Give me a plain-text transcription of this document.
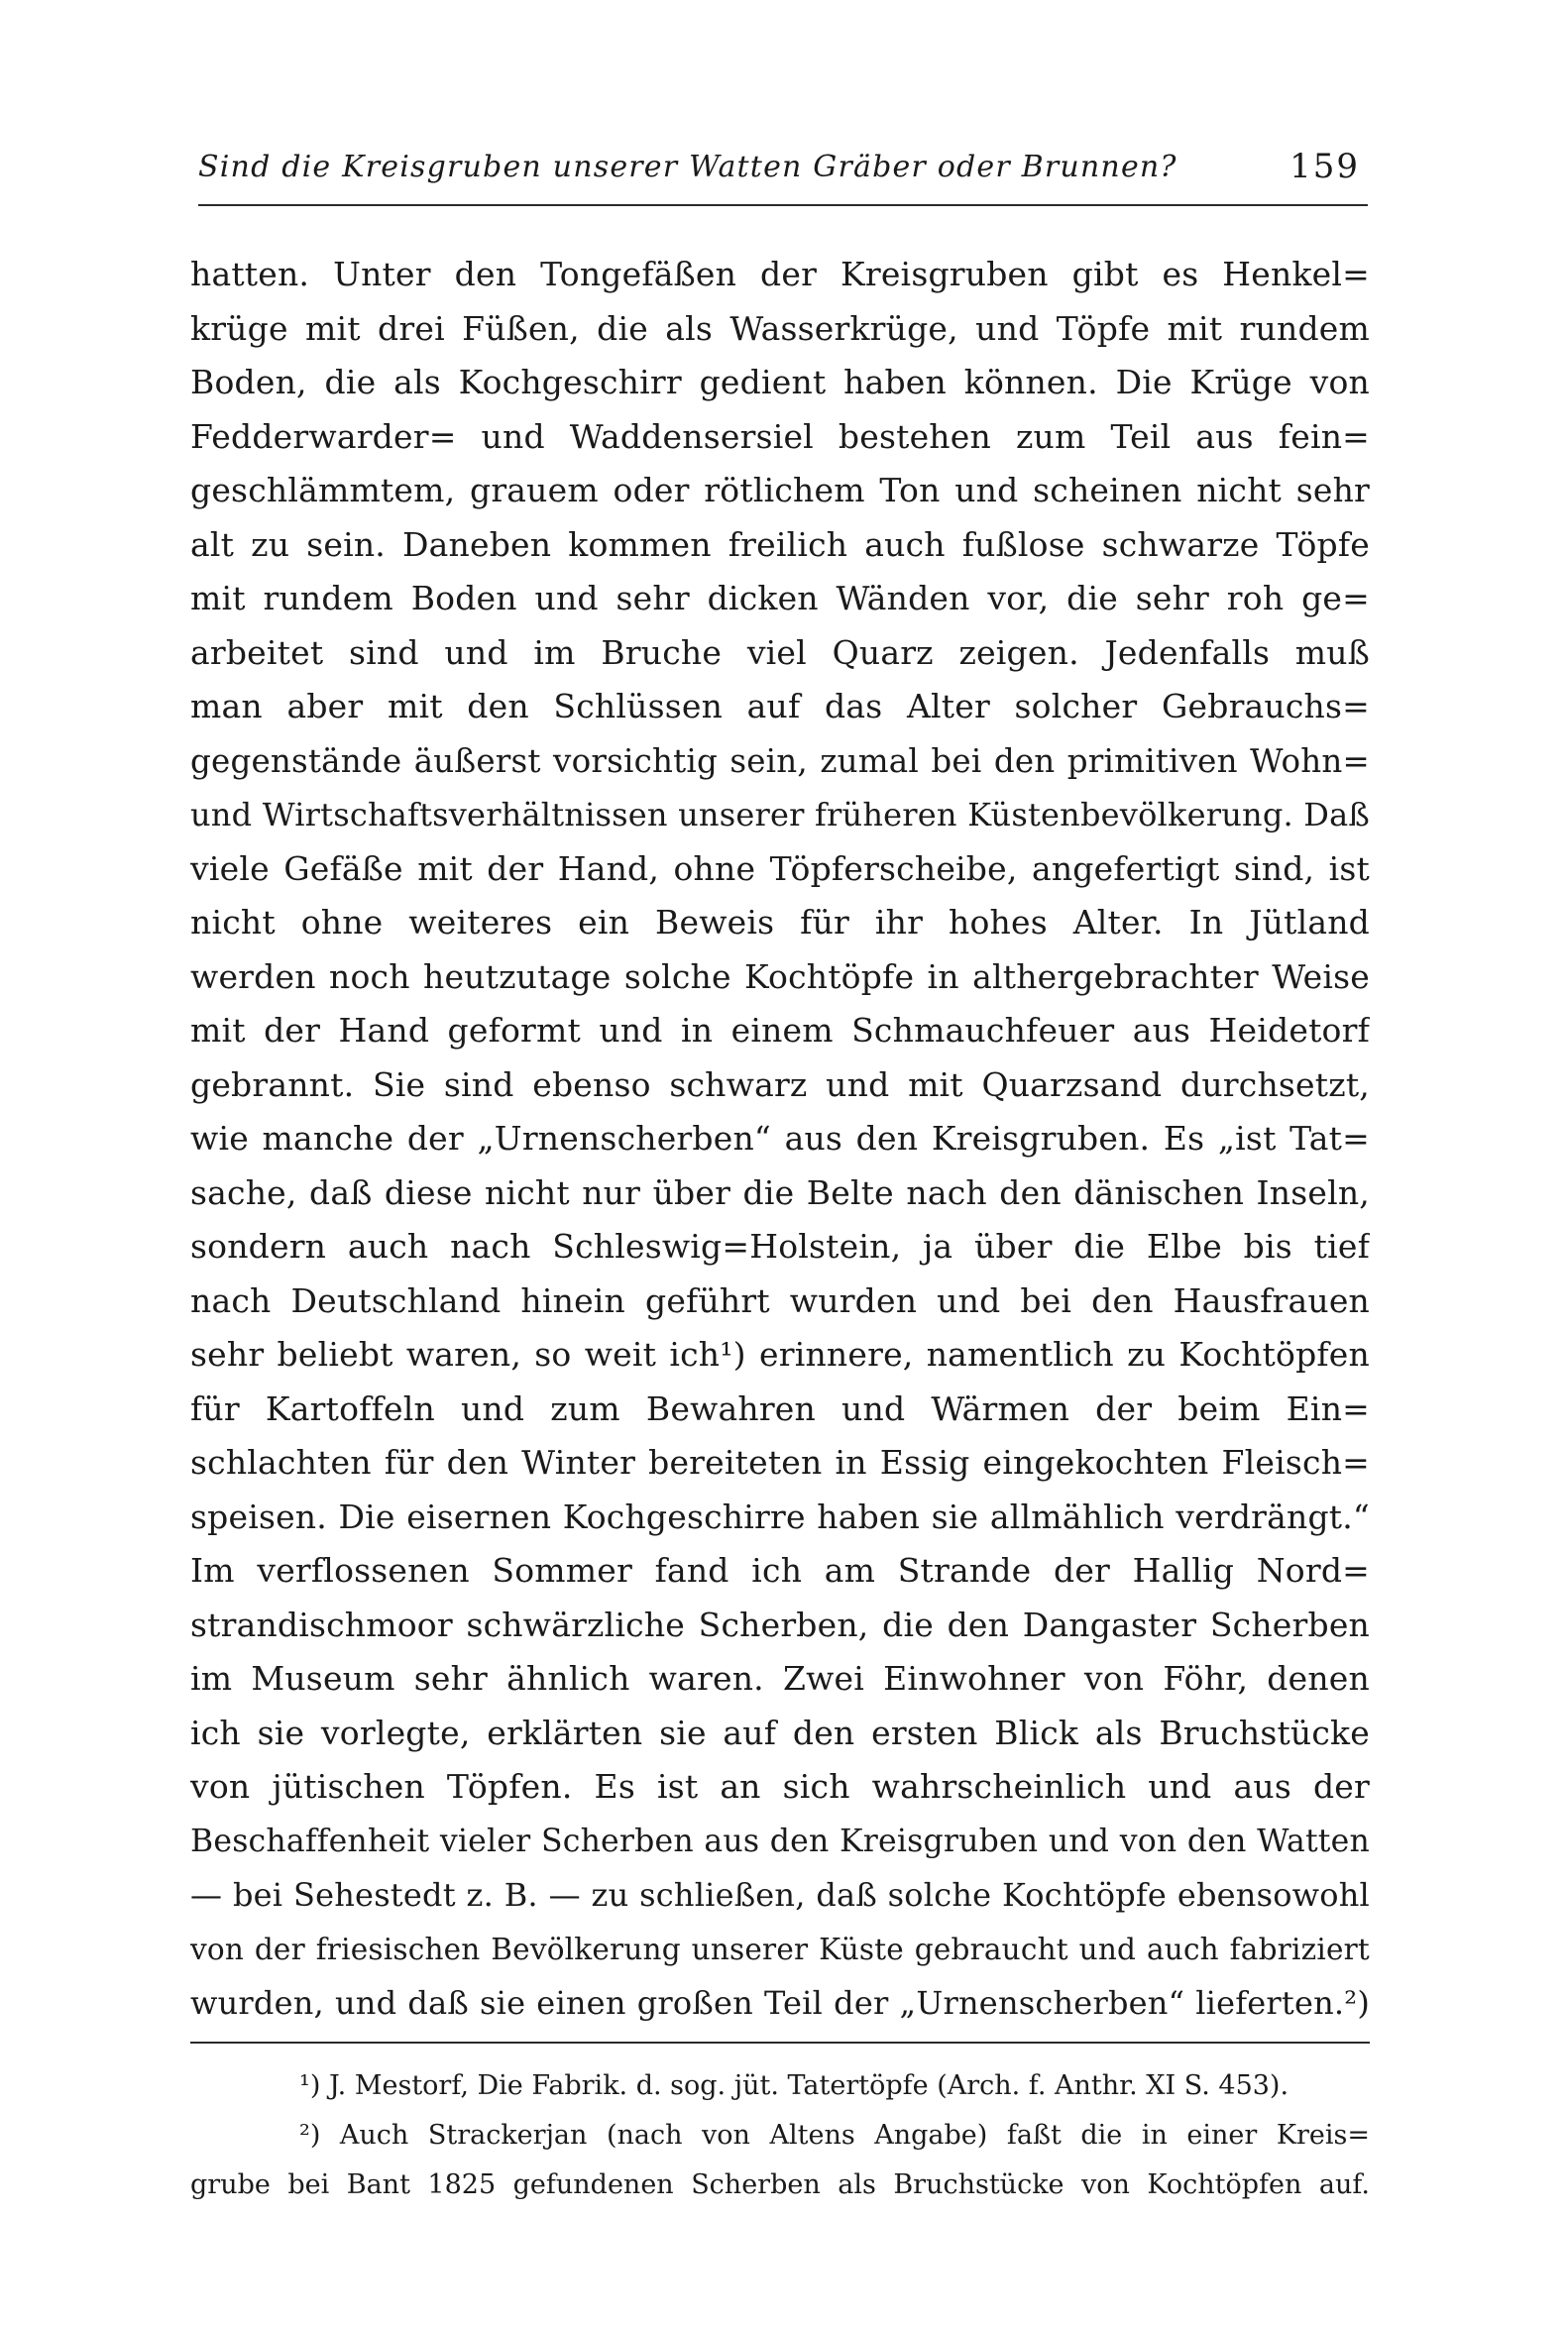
Sind die Kreisgruben unserer Watten Gräber oder Brunnen?	159
hatten. Unter den Tongefäßen der Kreisgruben gibt es Henkel=
krüge mit drei Füßen, die als Wasserkrüge, und Töpfe mit rundem
Boden, die als Kochgeschirr gedient haben können. Die Krüge von
Fedderwarder= und Waddensersiel bestehen zum Teil aus fein=
geschlämmtem, grauem oder rötlichem Ton und scheinen nicht sehr
alt zu sein. Daneben kommen freilich auch fußlose schwarze Töpfe
mit rundem Boden und sehr dicken Wänden vor, die sehr roh ge=
arbeitet sind und im Bruche viel Quarz zeigen. Jedenfalls muß
man aber mit den Schlüssen auf das Alter solcher Gebrauchs=
gegenstände äußerst vorsichtig sein, zumal bei den primitiven Wohn=
und Wirtschaftsverhältnissen unserer früheren Küstenbevölkerung. Daß
viele Gefäße mit der Hand, ohne Töpferscheibe, angefertigt sind, ist
nicht ohne weiteres ein Beweis für ihr hohes Alter. In Jütland
werden noch heutzutage solche Kochtöpfe in althergebrachter Weise
mit der Hand geformt und in einem Schmauchfeuer aus Heidetorf
gebrannt. Sie sind ebenso schwarz und mit Quarzsand durchsetzt,
wie manche der „Urnenscherben“ aus den Kreisgruben. Es „ist Tat=
sache, daß diese nicht nur über die Belte nach den dänischen Inseln,
sondern auch nach Schleswig=Holstein, ja über die Elbe bis tief
nach Deutschland hinein geführt wurden und bei den Hausfrauen
sehr beliebt waren, so weit ich¹) erinnere, namentlich zu Kochtöpfen
für Kartoffeln und zum Bewahren und Wärmen der beim Ein=
schlachten für den Winter bereiteten in Essig eingekochten Fleisch=
speisen. Die eisernen Kochgeschirre haben sie allmählich verdrängt.“
Im verflossenen Sommer fand ich am Strande der Hallig Nord=
strandischmoor schwärzliche Scherben, die den Dangaster Scherben
im Museum sehr ähnlich waren. Zwei Einwohner von Föhr, denen
ich sie vorlegte, erklärten sie auf den ersten Blick als Bruchstücke
von jütischen Töpfen. Es ist an sich wahrscheinlich und aus der
Beschaffenheit vieler Scherben aus den Kreisgruben und von den Watten
— bei Sehestedt z. B. — zu schließen, daß solche Kochtöpfe ebensowohl
von der friesischen Bevölkerung unserer Küste gebraucht und auch fabriziert
wurden, und daß sie einen großen Teil der „Urnenscherben“ lieferten.²)
¹) J. Mestorf, Die Fabrik. d. sog. jüt. Tatertöpfe (Arch. f. Anthr. XI S. 453).
²) Auch Strackerjan (nach von Altens Angabe) faßt die in einer Kreis=
grube bei Bant 1825 gefundenen Scherben als Bruchstücke von Kochtöpfen auf.
